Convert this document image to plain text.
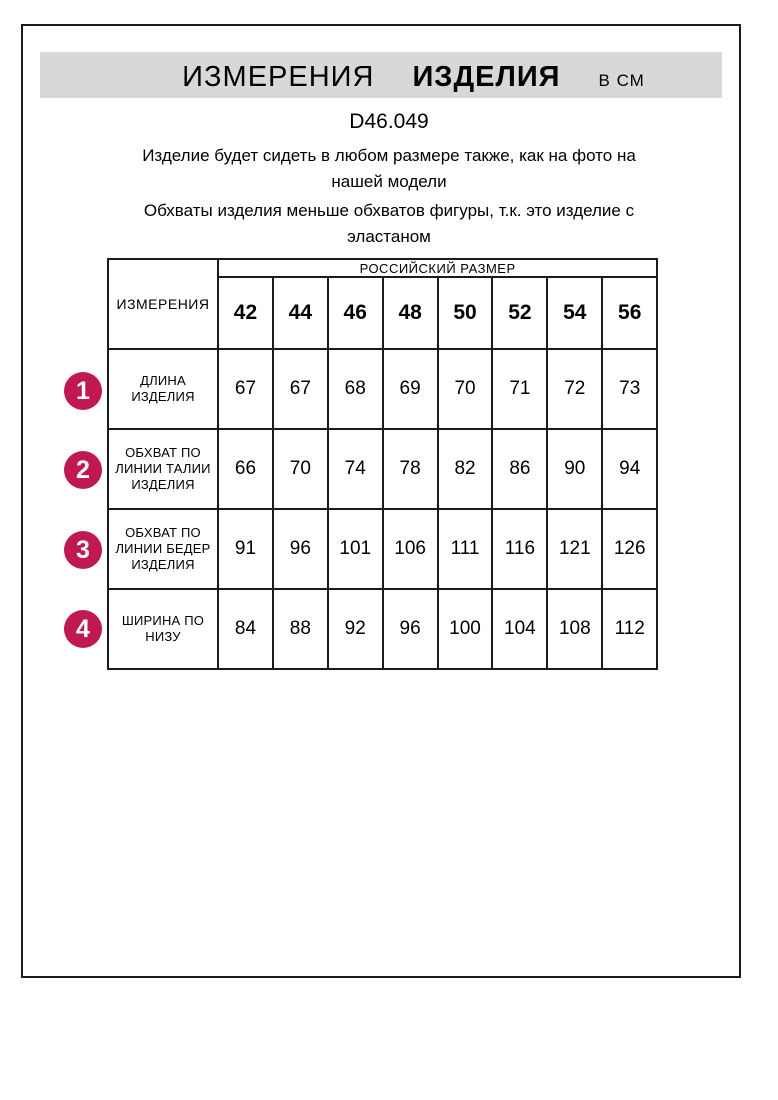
ИЗМЕРЕНИЯ ИЗДЕЛИЯ В СМ
D46.049
Изделие будет сидеть в любом размере также, как на фото на нашей модели
Обхваты изделия меньше обхватов фигуры, т.к. это изделие с эластаном
ИЗМЕРЕНИЯ	РОССИЙСКИЙ РАЗМЕР							
	42	44	46	48	50	52	54	56
ДЛИНА ИЗДЕЛИЯ	67	67	68	69	70	71	72	73
ОБХВАТ ПО ЛИНИИ ТАЛИИ ИЗДЕЛИЯ	66	70	74	78	82	86	90	94
ОБХВАТ ПО ЛИНИИ БЕДЕР ИЗДЕЛИЯ	91	96	101	106	111	116	121	126
ШИРИНА ПО НИЗУ	84	88	92	96	100	104	108	112
1
2
3
4
